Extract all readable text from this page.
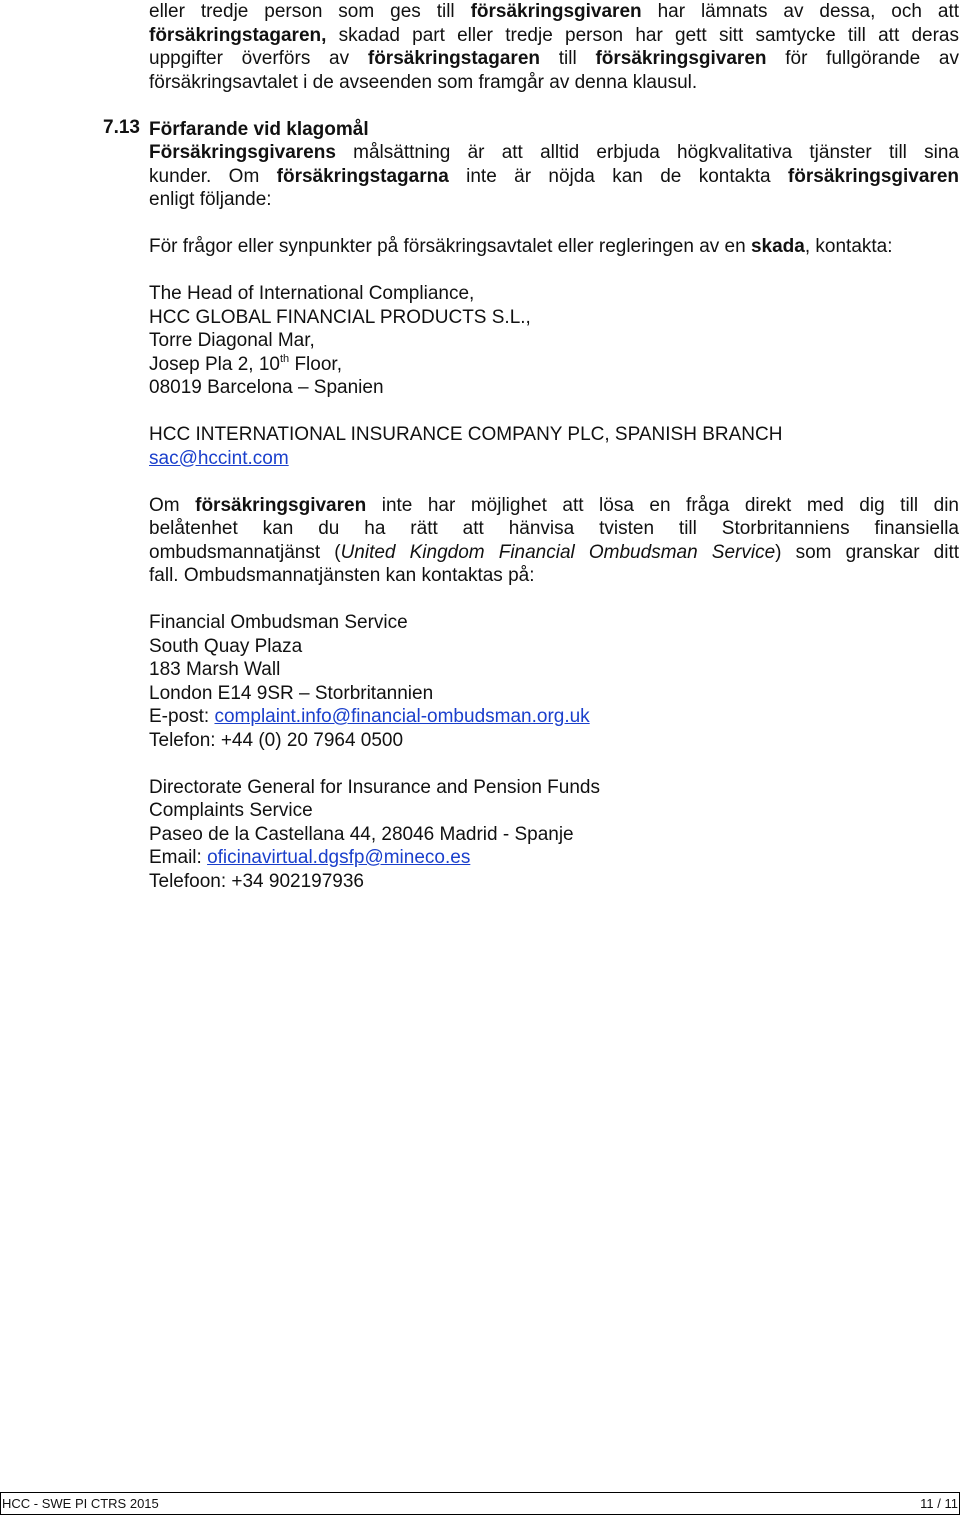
eller tredje person som ges till försäkringsgivaren har lämnats av dessa, och att
försäkringstagaren, skadad part eller tredje person har gett sitt samtycke till att deras
uppgifter överförs av försäkringstagaren till försäkringsgivaren för fullgörande av
försäkringsavtalet i de avseenden som framgår av denna klausul.
Förfarande vid klagomål
Försäkringsgivarens målsättning är att alltid erbjuda högkvalitativa tjänster till sina
kunder. Om försäkringstagarna inte är nöjda kan de kontakta försäkringsgivaren
enligt följande:
För frågor eller synpunkter på försäkringsavtalet eller regleringen av en skada, kontakta:
The Head of International Compliance,
HCC GLOBAL FINANCIAL PRODUCTS S.L.,
Torre Diagonal Mar,
Josep Pla 2, 10th Floor,
08019 Barcelona – Spanien
HCC INTERNATIONAL INSURANCE COMPANY PLC, SPANISH BRANCH
sac@hccint.com
Om försäkringsgivaren inte har möjlighet att lösa en fråga direkt med dig till din
belåtenhet kan du ha rätt att hänvisa tvisten till Storbritanniens finansiella
ombudsmannatjänst (United Kingdom Financial Ombudsman Service) som granskar ditt
fall. Ombudsmannatjänsten kan kontaktas på:
Financial Ombudsman Service
South Quay Plaza
183 Marsh Wall
London E14 9SR – Storbritannien
E-post: complaint.info@financial-ombudsman.org.uk
Telefon: +44 (0) 20 7964 0500
Directorate General for Insurance and Pension Funds
Complaints Service
Paseo de la Castellana 44, 28046 Madrid - Spanje
Email: oficinavirtual.dgsfp@mineco.es
Telefoon: +34 902197936
7.13
HCC - SWE PI CTRS 2015	11 / 11
